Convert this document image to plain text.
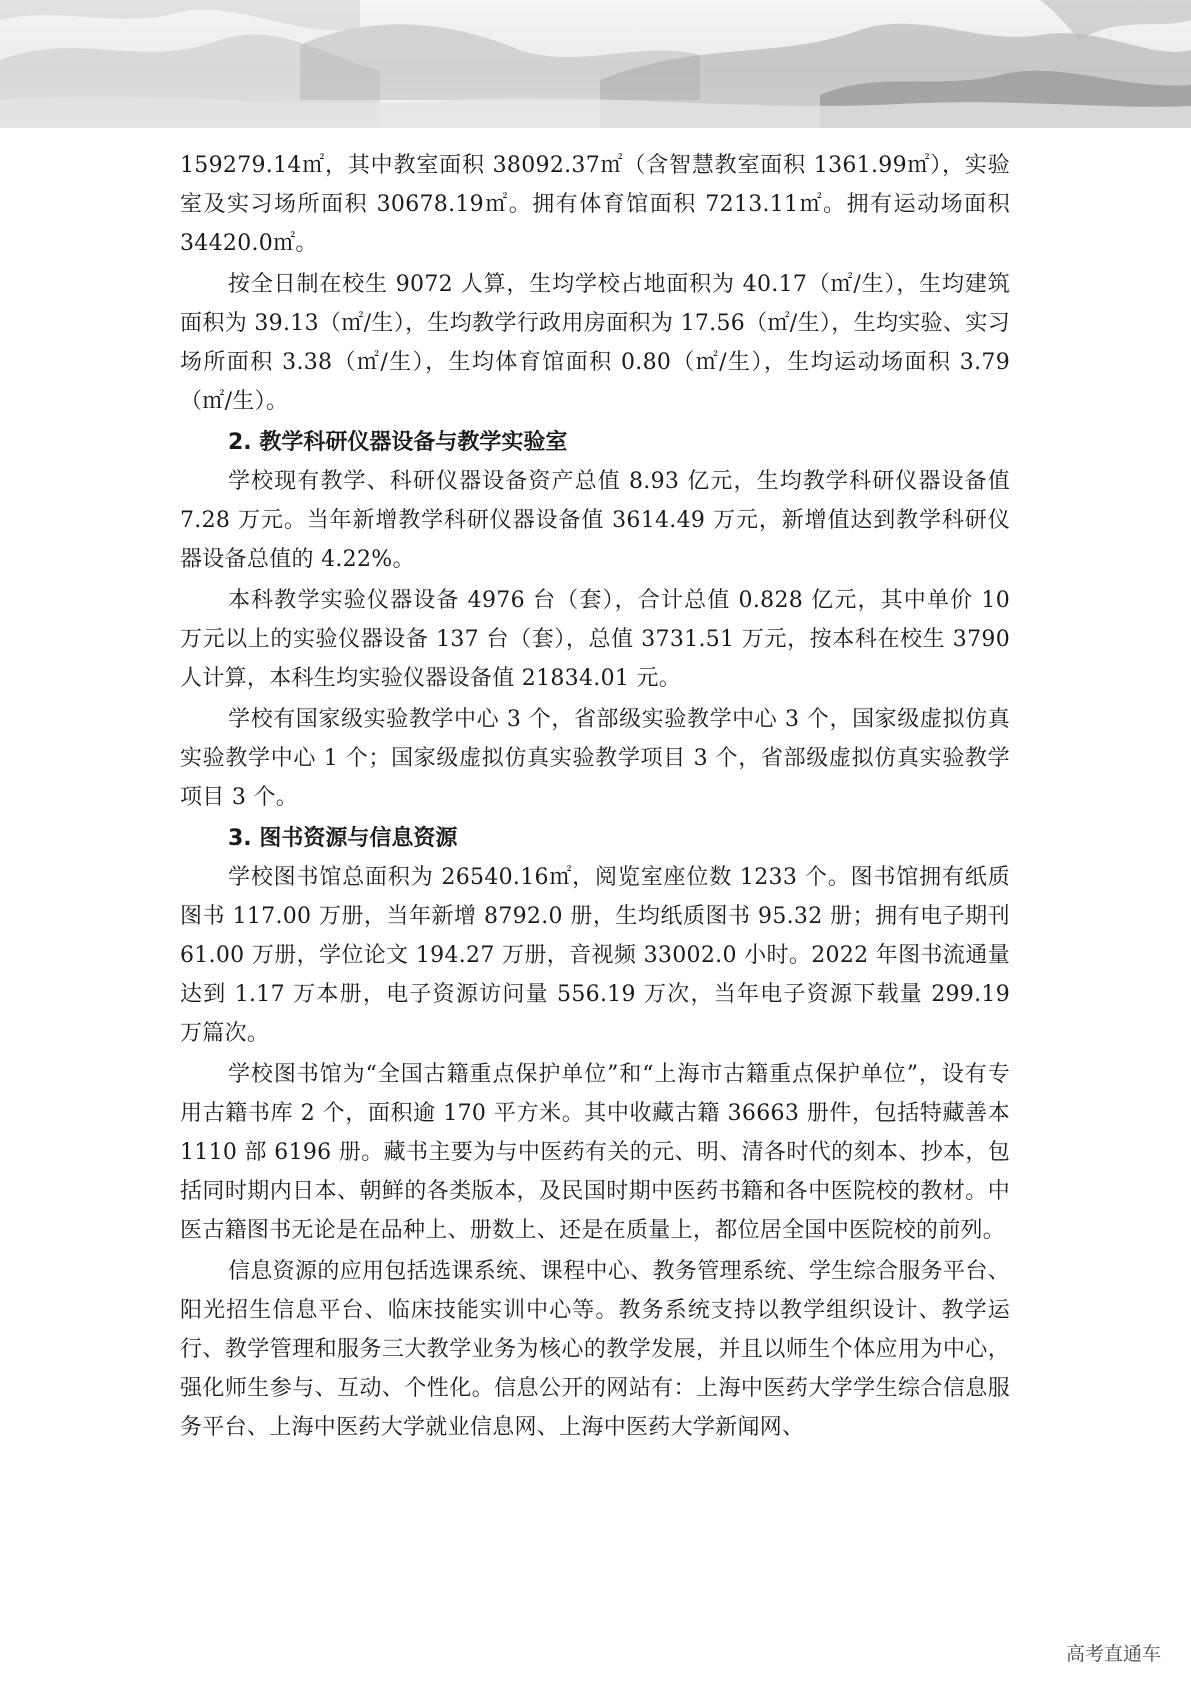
159279.14㎡，其中教室面积 38092.37㎡（含智慧教室面积 1361.99㎡），实验室及实习场所面积 30678.19㎡。拥有体育馆面积 7213.11㎡。拥有运动场面积 34420.0㎡。

按全日制在校生 9072 人算，生均学校占地面积为 40.17（㎡/生），生均建筑面积为 39.13（㎡/生），生均教学行政用房面积为 17.56（㎡/生），生均实验、实习场所面积 3.38（㎡/生），生均体育馆面积 0.80（㎡/生），生均运动场面积 3.79（㎡/生）。

2. 教学科研仪器设备与教学实验室

学校现有教学、科研仪器设备资产总值 8.93 亿元，生均教学科研仪器设备值 7.28 万元。当年新增教学科研仪器设备值 3614.49 万元，新增值达到教学科研仪器设备总值的 4.22%。

本科教学实验仪器设备 4976 台（套），合计总值 0.828 亿元，其中单价 10 万元以上的实验仪器设备 137 台（套），总值 3731.51 万元，按本科在校生 3790 人计算，本科生均实验仪器设备值 21834.01 元。

学校有国家级实验教学中心 3 个，省部级实验教学中心 3 个，国家级虚拟仿真实验教学中心 1 个；国家级虚拟仿真实验教学项目 3 个，省部级虚拟仿真实验教学项目 3 个。

3. 图书资源与信息资源

学校图书馆总面积为 26540.16㎡，阅览室座位数 1233 个。图书馆拥有纸质图书 117.00 万册，当年新增 8792.0 册，生均纸质图书 95.32 册；拥有电子期刊 61.00 万册，学位论文 194.27 万册，音视频 33002.0 小时。2022 年图书流通量达到 1.17 万本册，电子资源访问量 556.19 万次，当年电子资源下载量 299.19 万篇次。

学校图书馆为“全国古籍重点保护单位”和“上海市古籍重点保护单位”，设有专用古籍书库 2 个，面积逾 170 平方米。其中收藏古籍 36663 册件，包括特藏善本 1110 部 6196 册。藏书主要为与中医药有关的元、明、清各时代的刻本、抄本，包括同时期内日本、朝鲜的各类版本，及民国时期中医药书籍和各中医院校的教材。中医古籍图书无论是在品种上、册数上、还是在质量上，都位居全国中医院校的前列。

信息资源的应用包括选课系统、课程中心、教务管理系统、学生综合服务平台、阳光招生信息平台、临床技能实训中心等。教务系统支持以教学组织设计、教学运行、教学管理和服务三大教学业务为核心的教学发展，并且以师生个体应用为中心，强化师生参与、互动、个性化。信息公开的网站有：上海中医药大学学生综合信息服务平台、上海中医药大学就业信息网、上海中医药大学新闻网、

高考直通车
